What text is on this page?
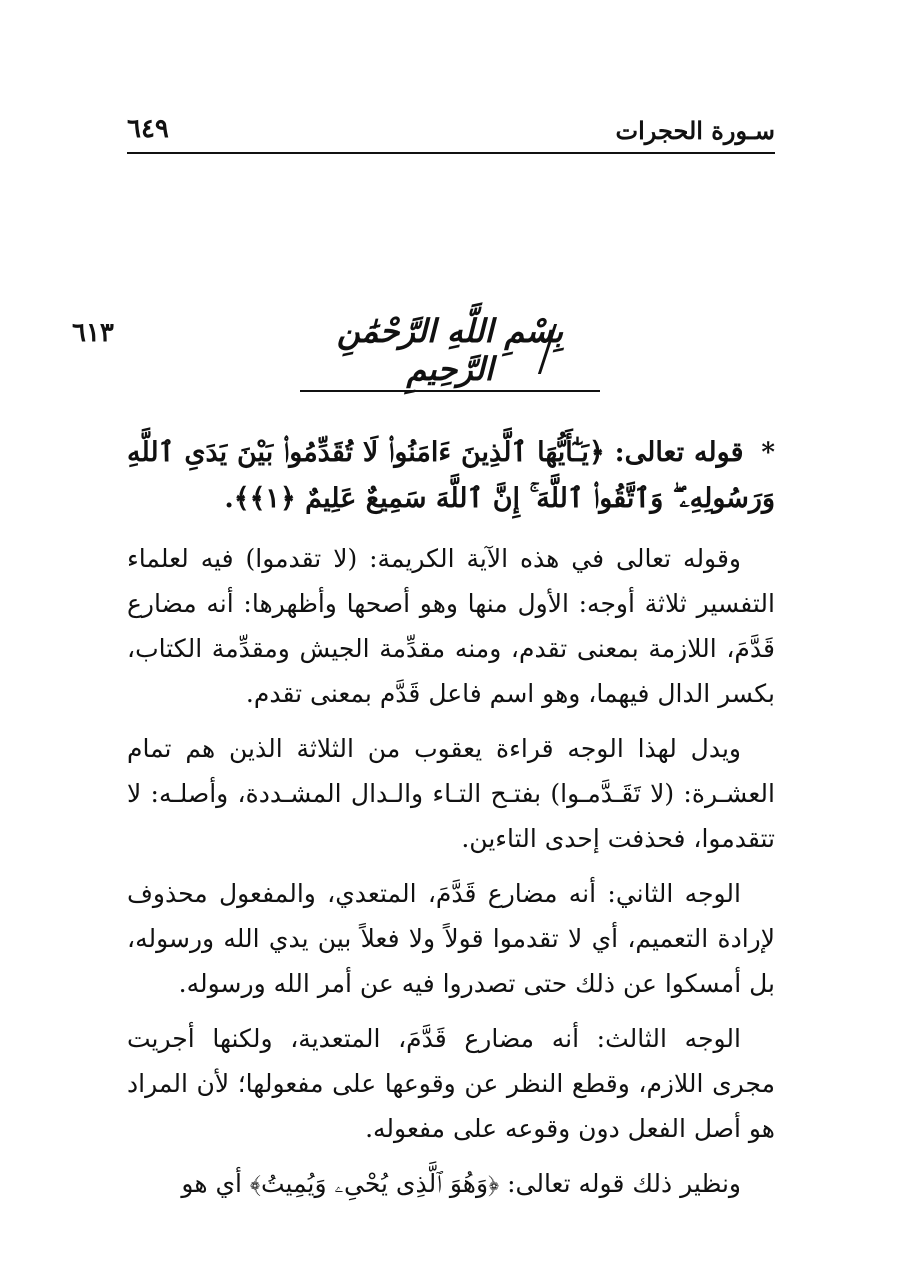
سـورة الحجرات
٦٤٩
٦١٣	بِسْمِ اللَّهِ الرَّحْمَٰنِ الرَّحِيمِ
* قوله تعالى: ﴿يَـٰٓأَيُّهَا ٱلَّذِينَ ءَامَنُوا۟ لَا تُقَدِّمُوا۟ بَيْنَ يَدَىِ ٱللَّهِ وَرَسُولِهِۦ ۖ وَٱتَّقُوا۟ ٱللَّهَ ۚ إِنَّ ٱللَّهَ سَمِيعٌ عَلِيمٌ ﴿١﴾﴾.

وقوله تعالى في هذه الآية الكريمة: (لا تقدموا) فيه لعلماء التفسير ثلاثة أوجه: الأول منها وهو أصحها وأظهرها: أنه مضارع قَدَّمَ، اللازمة بمعنى تقدم، ومنه مقدِّمة الجيش ومقدِّمة الكتاب، بكسر الدال فيهما، وهو اسم فاعل قَدَّم بمعنى تقدم.

ويدل لهذا الوجه قراءة يعقوب من الثلاثة الذين هم تمام العشـرة: (لا تَقَـدَّمـوا) بفتـح التـاء والـدال المشـددة، وأصلـه: لا تتقدموا، فحذفت إحدى التاءين.

الوجه الثاني: أنه مضارع قَدَّمَ، المتعدي، والمفعول محذوف لإرادة التعميم، أي لا تقدموا قولاً ولا فعلاً بين يدي الله ورسوله، بل أمسكوا عن ذلك حتى تصدروا فيه عن أمر الله ورسوله.

الوجه الثالث: أنه مضارع قَدَّمَ، المتعدية، ولكنها أجريت مجرى اللازم، وقطع النظر عن وقوعها على مفعولها؛ لأن المراد هو أصل الفعل دون وقوعه على مفعوله.

ونظير ذلك قوله تعالى: ﴿وَهُوَ ٱلَّذِى يُحْىِۦ وَيُمِيتُ﴾ أي هو
